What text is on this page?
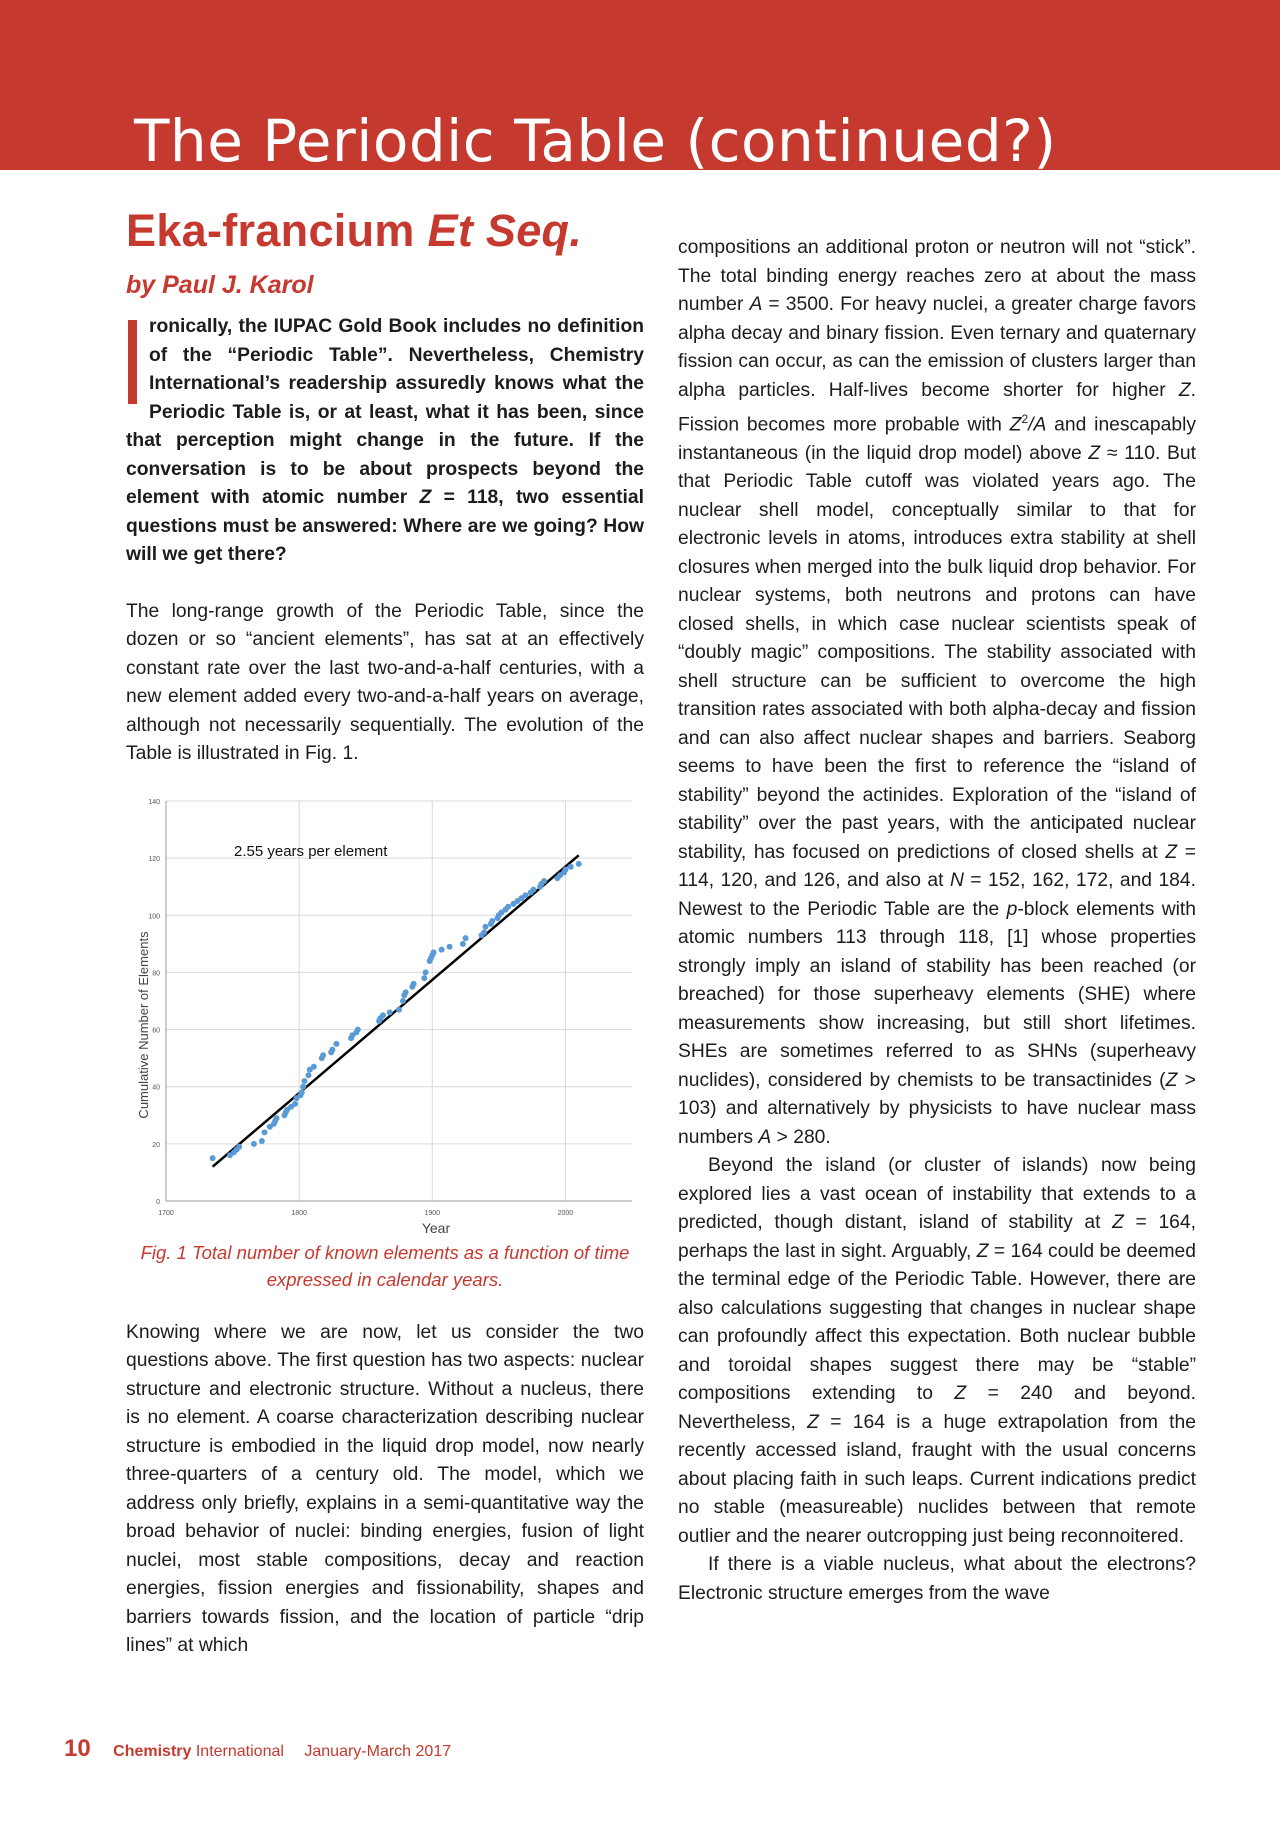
The Periodic Table (continued?)
Eka-francium Et Seq.
by Paul J. Karol

ronically, the IUPAC Gold Book includes no definition of the “Periodic Table”. Nevertheless, Chemistry International’s readership assuredly knows what the Periodic Table is, or at least, what it has been, since that perception might change in the future. If the conversation is to be about prospects beyond the element with atomic number Z = 118, two essential questions must be answered: Where are we going? How will we get there?

The long-range growth of the Periodic Table, since the dozen or so “ancient elements”, has sat at an effectively constant rate over the last two-and-a-half centuries, with a new element added every two-and-a-half years on average, although not necessarily sequentially. The evolution of the Table is illustrated in Fig. 1.

0
20
40
60
80
100
120
140
1700	1800	1900	2000
2.55 years per element
Cumulative Number of Elements
Year

Fig. 1 Total number of known elements as a function of time expressed in calendar years.

Knowing where we are now, let us consider the two questions above. The first question has two aspects: nuclear structure and electronic structure. Without a nucleus, there is no element. A coarse characterization describing nuclear structure is embodied in the liquid drop model, now nearly three-quarters of a century old. The model, which we address only briefly, explains in a semi-quantitative way the broad behavior of nuclei: binding energies, fusion of light nuclei, most stable compositions, decay and reaction energies, fission energies and fissionability, shapes and barriers towards fission, and the location of particle “drip lines” at which

compositions an additional proton or neutron will not “stick”. The total binding energy reaches zero at about the mass number A = 3500. For heavy nuclei, a greater charge favors alpha decay and binary fission. Even ternary and quaternary fission can occur, as can the emission of clusters larger than alpha particles. Half-lives become shorter for higher Z. Fission becomes more probable with $Z^2/A$ and inescapably instantaneous (in the liquid drop model) above Z ≈ 110. But that Periodic Table cutoff was violated years ago. The nuclear shell model, conceptually similar to that for electronic levels in atoms, introduces extra stability at shell closures when merged into the bulk liquid drop behavior. For nuclear systems, both neutrons and protons can have closed shells, in which case nuclear scientists speak of “doubly magic” compositions. The stability associated with shell structure can be sufficient to overcome the high transition rates associated with both alpha-decay and fission and can also affect nuclear shapes and barriers. Seaborg seems to have been the first to reference the “island of stability” beyond the actinides. Exploration of the “island of stability” over the past years, with the anticipated nuclear stability, has focused on predictions of closed shells at Z = 114, 120, and 126, and also at N = 152, 162, 172, and 184. Newest to the Periodic Table are the p-block elements with atomic numbers 113 through 118, [1] whose properties strongly imply an island of stability has been reached (or breached) for those superheavy elements (SHE) where measurements show increasing, but still short lifetimes. SHEs are sometimes referred to as SHNs (superheavy nuclides), considered by chemists to be transactinides (Z > 103) and alternatively by physicists to have nuclear mass numbers A > 280.

Beyond the island (or cluster of islands) now being explored lies a vast ocean of instability that extends to a predicted, though distant, island of stability at Z = 164, perhaps the last in sight. Arguably, Z = 164 could be deemed the terminal edge of the Periodic Table. However, there are also calculations suggesting that changes in nuclear shape can profoundly affect this expectation. Both nuclear bubble and toroidal shapes suggest there may be “stable” compositions extending to Z = 240 and beyond. Nevertheless, Z = 164 is a huge extrapolation from the recently accessed island, fraught with the usual concerns about placing faith in such leaps. Current indications predict no stable (measureable) nuclides between that remote outlier and the nearer outcropping just being reconnoitered.

If there is a viable nucleus, what about the electrons? Electronic structure emerges from the wave

10 Chemistry International January-March 2017
